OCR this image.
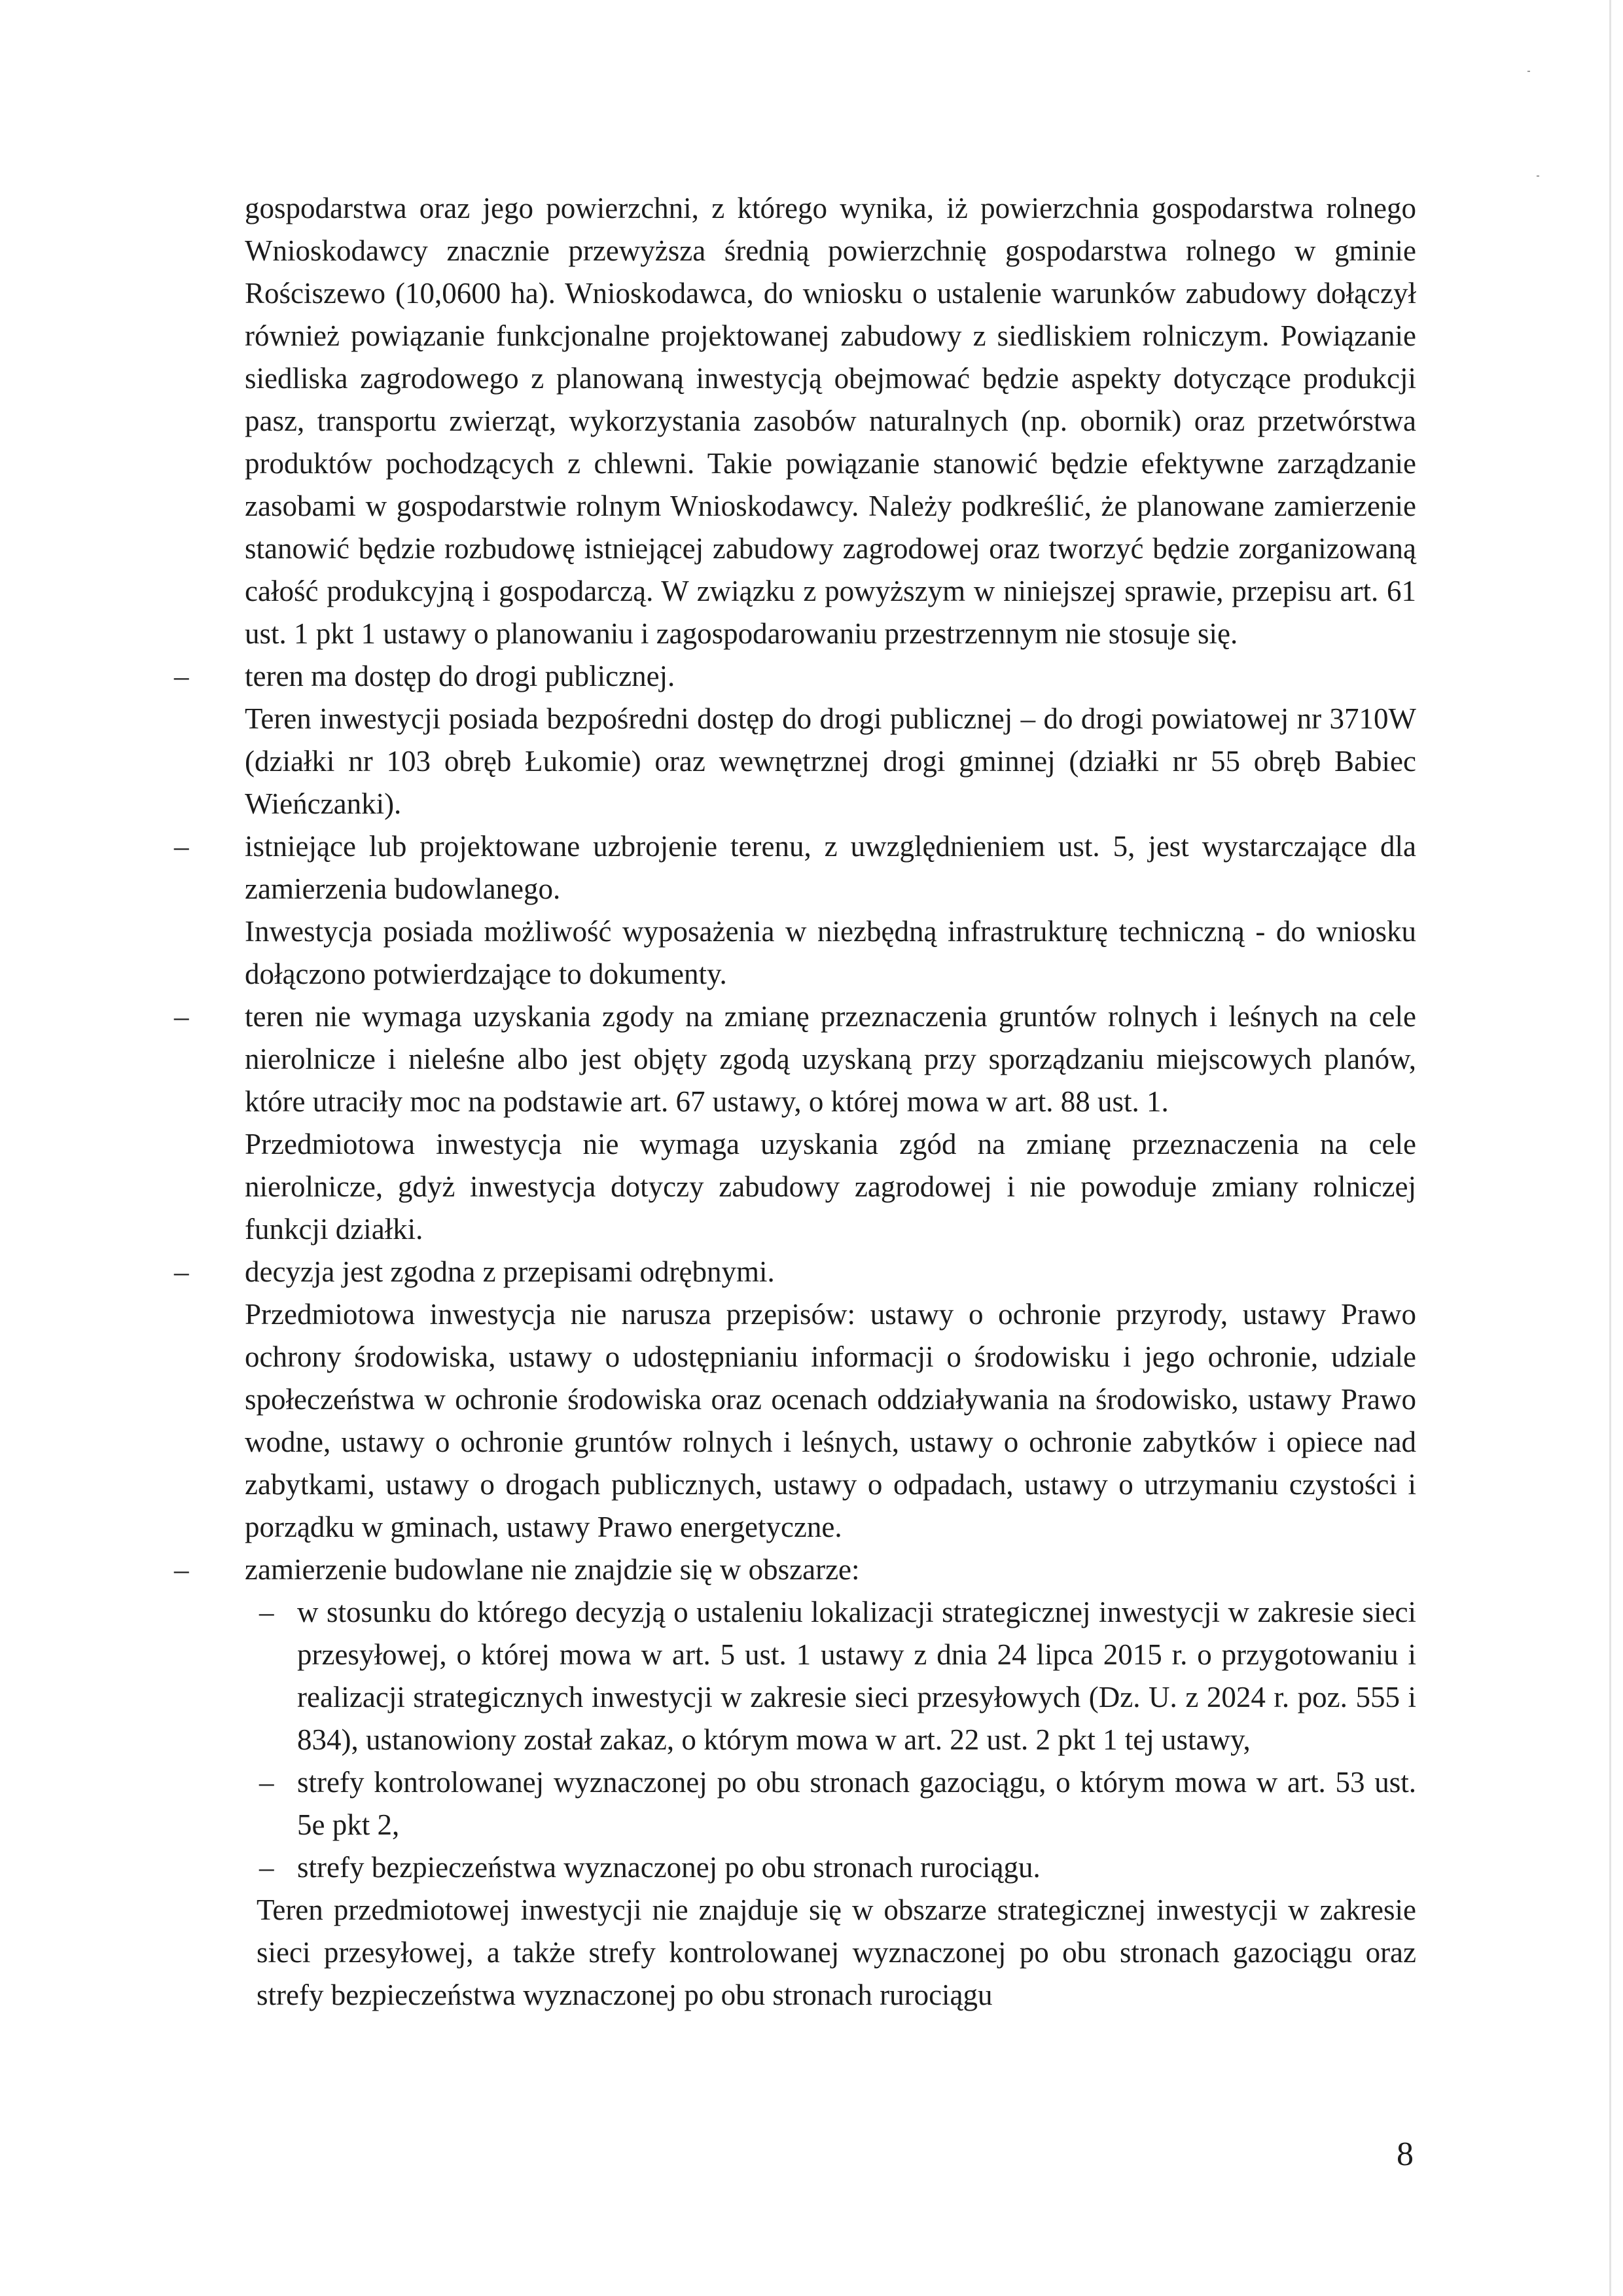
gospodarstwa oraz jego powierzchni, z którego wynika, iż powierzchnia gospodarstwa rolnego Wnioskodawcy znacznie przewyższa średnią powierzchnię gospodarstwa rolnego w gminie Rościszewo (10,0600 ha). Wnioskodawca, do wniosku o ustalenie warunków zabudowy dołączył również powiązanie funkcjonalne projektowanej zabudowy z siedliskiem rolniczym. Powiązanie siedliska zagrodowego z planowaną inwestycją obejmować będzie aspekty dotyczące produkcji pasz, transportu zwierząt, wykorzystania zasobów naturalnych (np. obornik) oraz przetwórstwa produktów pochodzących z chlewni. Takie powiązanie stanowić będzie efektywne zarządzanie zasobami w gospodarstwie rolnym Wnioskodawcy. Należy podkreślić, że planowane zamierzenie stanowić będzie rozbudowę istniejącej zabudowy zagrodowej oraz tworzyć będzie zorganizowaną całość produkcyjną i gospodarczą. W związku z powyższym w niniejszej sprawie, przepisu art. 61 ust. 1 pkt 1 ustawy o planowaniu i zagospodarowaniu przestrzennym nie stosuje się.

–	teren ma dostęp do drogi publicznej.

Teren inwestycji posiada bezpośredni dostęp do drogi publicznej – do drogi powiatowej nr 3710W (działki nr 103 obręb Łukomie) oraz wewnętrznej drogi gminnej (działki nr 55 obręb Babiec Wieńczanki).

–	istniejące lub projektowane uzbrojenie terenu, z uwzględnieniem ust. 5, jest wystarczające dla zamierzenia budowlanego.

Inwestycja posiada możliwość wyposażenia w niezbędną infrastrukturę techniczną - do wniosku dołączono potwierdzające to dokumenty.

–	teren nie wymaga uzyskania zgody na zmianę przeznaczenia gruntów rolnych i leśnych na cele nierolnicze i nieleśne albo jest objęty zgodą uzyskaną przy sporządzaniu miejscowych planów, które utraciły moc na podstawie art. 67 ustawy, o której mowa w art. 88 ust. 1.

Przedmiotowa inwestycja nie wymaga uzyskania zgód na zmianę przeznaczenia na cele nierolnicze, gdyż inwestycja dotyczy zabudowy zagrodowej i nie powoduje zmiany rolniczej funkcji działki.

–	decyzja jest zgodna z przepisami odrębnymi.

Przedmiotowa inwestycja nie narusza przepisów: ustawy o ochronie przyrody, ustawy Prawo ochrony środowiska, ustawy o udostępnianiu informacji o środowisku i jego ochronie, udziale społeczeństwa w ochronie środowiska oraz ocenach oddziaływania na środowisko, ustawy Prawo wodne, ustawy o ochronie gruntów rolnych i leśnych, ustawy o ochronie zabytków i opiece nad zabytkami, ustawy o drogach publicznych, ustawy o odpadach, ustawy o utrzymaniu czystości i porządku w gminach, ustawy Prawo energetyczne.

–	zamierzenie budowlane nie znajdzie się w obszarze:

– w stosunku do którego decyzją o ustaleniu lokalizacji strategicznej inwestycji w zakresie sieci przesyłowej, o której mowa w art. 5 ust. 1 ustawy z dnia 24 lipca 2015 r. o przygotowaniu i realizacji strategicznych inwestycji w zakresie sieci przesyłowych (Dz. U. z 2024 r. poz. 555 i 834), ustanowiony został zakaz, o którym mowa w art. 22 ust. 2 pkt 1 tej ustawy,

– strefy kontrolowanej wyznaczonej po obu stronach gazociągu, o którym mowa w art. 53 ust. 5e pkt 2,

– strefy bezpieczeństwa wyznaczonej po obu stronach rurociągu.

Teren przedmiotowej inwestycji nie znajduje się w obszarze strategicznej inwestycji w zakresie sieci przesyłowej, a także strefy kontrolowanej wyznaczonej po obu stronach gazociągu oraz strefy bezpieczeństwa wyznaczonej po obu stronach rurociągu

8
